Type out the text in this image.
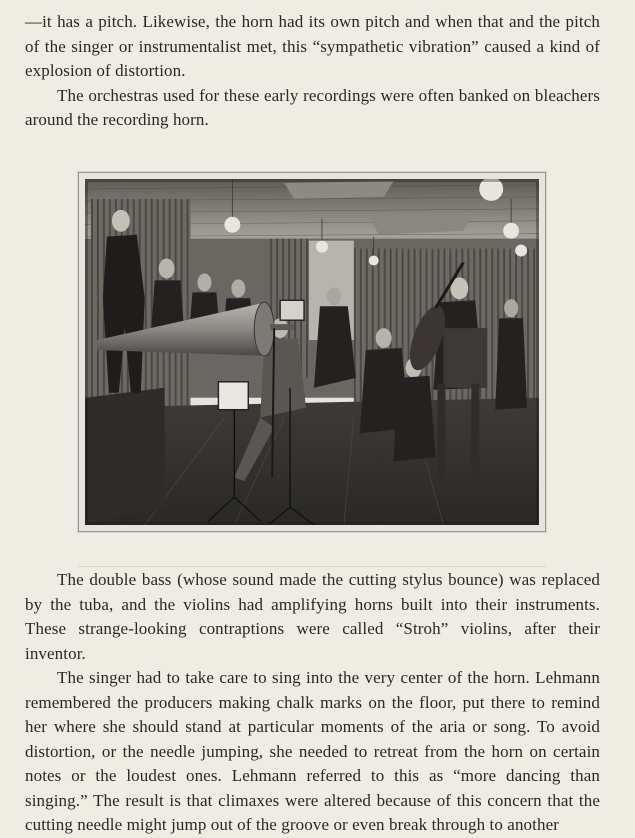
—it has a pitch. Likewise, the horn had its own pitch and when that and the pitch of the singer or instrumentalist met, this “sympathetic vibration” caused a kind of explosion of distortion.

The orchestras used for these early recordings were often banked on bleachers around the recording horn.

The double bass (whose sound made the cutting stylus bounce) was replaced by the tuba, and the violins had amplifying horns built into their instruments. These strange-looking contraptions were called “Stroh” violins, after their inventor.

The singer had to take care to sing into the very center of the horn. Lehmann remembered the producers making chalk marks on the floor, put there to remind her where she should stand at particular moments of the aria or song. To avoid distortion, or the needle jumping, she needed to retreat from the horn on certain notes or the loudest ones. Lehmann referred to this as “more dancing than singing.” The result is that climaxes were altered because of this concern that the cutting needle might jump out of the groove or even break through to another
